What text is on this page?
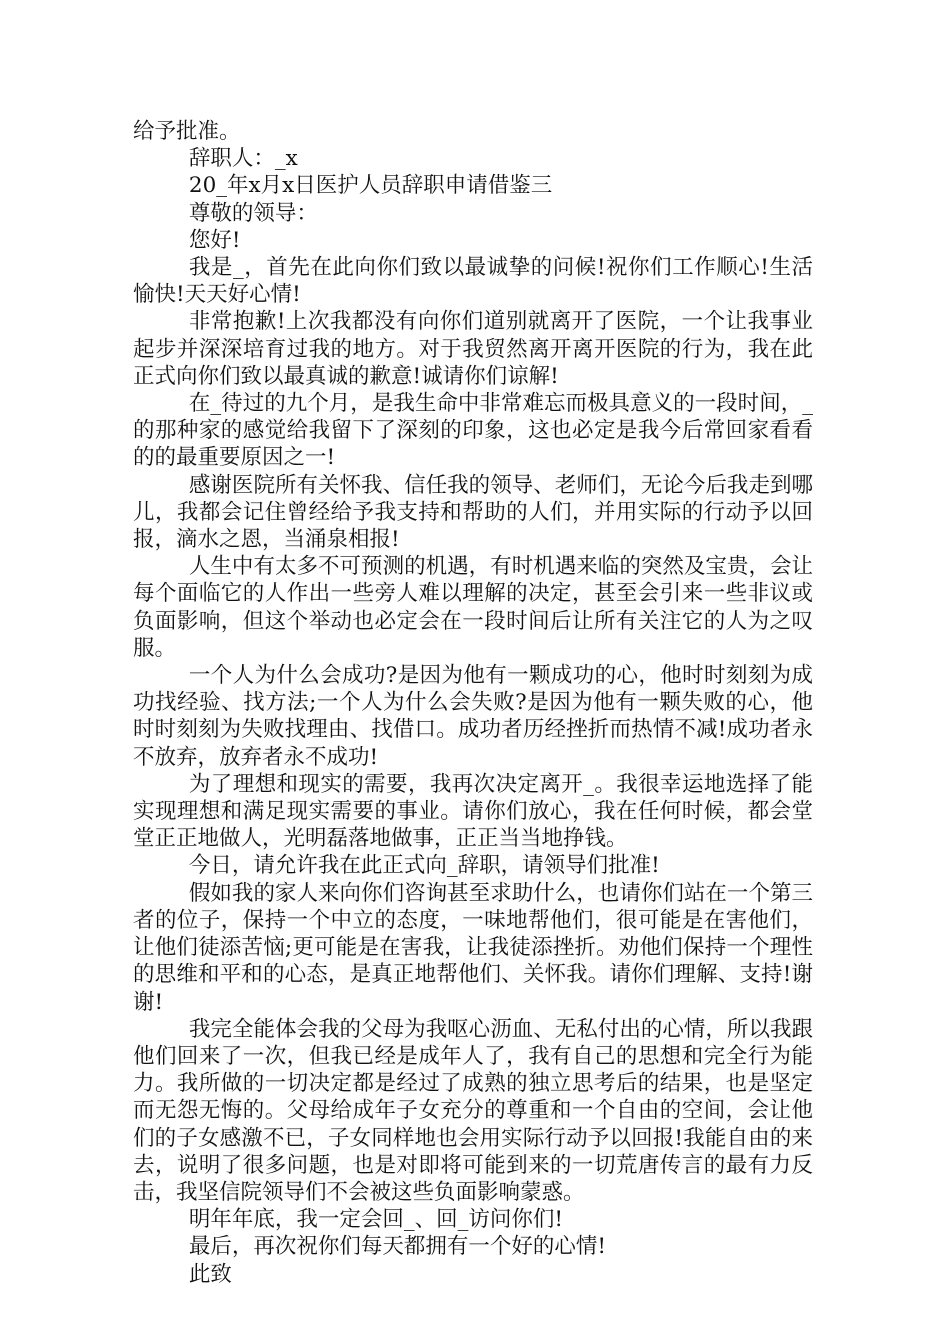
给予批准。

辞职人：_x

20_年x月x日医护人员辞职申请借鉴三

尊敬的领导：

您好!

我是_，首先在此向你们致以最诚挚的问候!祝你们工作顺心!生活愉快!天天好心情!

非常抱歉!上次我都没有向你们道别就离开了医院，一个让我事业起步并深深培育过我的地方。对于我贸然离开离开医院的行为，我在此正式向你们致以最真诚的歉意!诚请你们谅解!

在_待过的九个月，是我生命中非常难忘而极具意义的一段时间，_的那种家的感觉给我留下了深刻的印象，这也必定是我今后常回家看看的的最重要原因之一!

感谢医院所有关怀我、信任我的领导、老师们，无论今后我走到哪儿，我都会记住曾经给予我支持和帮助的人们，并用实际的行动予以回报，滴水之恩，当涌泉相报!

人生中有太多不可预测的机遇，有时机遇来临的突然及宝贵，会让每个面临它的人作出一些旁人难以理解的决定，甚至会引来一些非议或负面影响，但这个举动也必定会在一段时间后让所有关注它的人为之叹服。

一个人为什么会成功?是因为他有一颗成功的心，他时时刻刻为成功找经验、找方法;一个人为什么会失败?是因为他有一颗失败的心，他时时刻刻为失败找理由、找借口。成功者历经挫折而热情不减!成功者永不放弃，放弃者永不成功!

为了理想和现实的需要，我再次决定离开_。我很幸运地选择了能实现理想和满足现实需要的事业。请你们放心，我在任何时候，都会堂堂正正地做人，光明磊落地做事，正正当当地挣钱。

今日，请允许我在此正式向_辞职，请领导们批准!

假如我的家人来向你们咨询甚至求助什么，也请你们站在一个第三者的位子，保持一个中立的态度，一味地帮他们，很可能是在害他们，让他们徒添苦恼;更可能是在害我，让我徒添挫折。劝他们保持一个理性的思维和平和的心态，是真正地帮他们、关怀我。请你们理解、支持!谢谢!

我完全能体会我的父母为我呕心沥血、无私付出的心情，所以我跟他们回来了一次，但我已经是成年人了，我有自己的思想和完全行为能力。我所做的一切决定都是经过了成熟的独立思考后的结果，也是坚定而无怨无悔的。父母给成年子女充分的尊重和一个自由的空间，会让他们的子女感激不已，子女同样地也会用实际行动予以回报!我能自由的来去，说明了很多问题，也是对即将可能到来的一切荒唐传言的最有力反击，我坚信院领导们不会被这些负面影响蒙惑。

明年年底，我一定会回_、回_访问你们!

最后，再次祝你们每天都拥有一个好的心情!

此致
